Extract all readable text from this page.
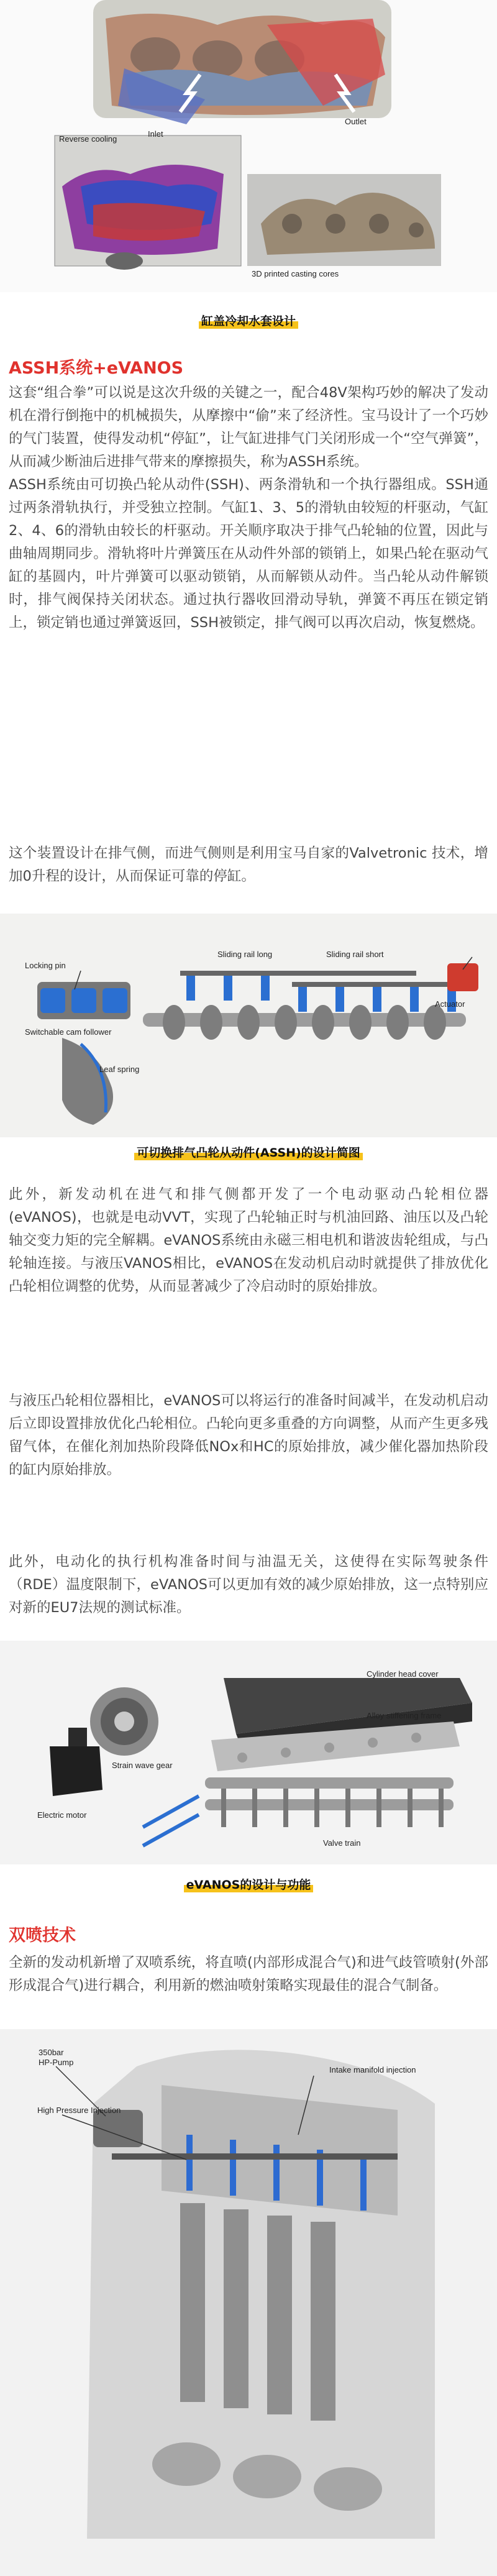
Reverse cooling
Inlet
Outlet
3D printed casting cores
缸盖冷却水套设计
ASSH系统+eVANOS

这套“组合拳”可以说是这次升级的关键之一，配合48V架构巧妙的解决了发动机在滑行倒拖中的机械损失，从摩擦中“偷”来了经济性。宝马设计了一个巧妙的气门装置，使得发动机“停缸”，让气缸进排气门关闭形成一个“空气弹簧”，从而减少断油后进排气带来的摩擦损失，称为ASSH系统。

ASSH系统由可切换凸轮从动件(SSH)、两条滑轨和一个执行器组成。SSH通过两条滑轨执行，并受独立控制。气缸1、3、5的滑轨由较短的杆驱动，气缸2、4、6的滑轨由较长的杆驱动。开关顺序取决于排气凸轮轴的位置，因此与曲轴周期同步。滑轨将叶片弹簧压在从动件外部的锁销上，如果凸轮在驱动气缸的基圆内，叶片弹簧可以驱动锁销，从而解锁从动件。当凸轮从动件解锁时，排气阀保持关闭状态。通过执行器收回滑动导轨，弹簧不再压在锁定销上，锁定销也通过弹簧返回，SSH被锁定，排气阀可以再次启动，恢复燃烧。

这个装置设计在排气侧，而进气侧则是利用宝马自家的Valvetronic 技术，增加0升程的设计，从而保证可靠的停缸。

Locking pin
Switchable cam follower
Leaf spring
Sliding rail long	Sliding rail short
Actuator
可切换排气凸轮从动件(ASSH)的设计简图

此外，新发动机在进气和排气侧都开发了一个电动驱动凸轮相位器(eVANOS)，也就是电动VVT，实现了凸轮轴正时与机油回路、油压以及凸轮轴交变力矩的完全解耦。eVANOS系统由永磁三相电机和谐波齿轮组成，与凸轮轴连接。与液压VANOS相比，eVANOS在发动机启动时就提供了排放优化凸轮相位调整的优势，从而显著减少了冷启动时的原始排放。

与液压凸轮相位器相比，eVANOS可以将运行的准备时间减半，在发动机启动后立即设置排放优化凸轮相位。凸轮向更多重叠的方向调整，从而产生更多残留气体，在催化剂加热阶段降低NOx和HC的原始排放，减少催化器加热阶段的缸内原始排放。

此外，电动化的执行机构准备时间与油温无关，这使得在实际驾驶条件（RDE）温度限制下，eVANOS可以更加有效的减少原始排放，这一点特别应对新的EU7法规的测试标准。

Cylinder head cover
Alloy stiffening frame
Strain wave gear
Electric motor
Valve train
eVANOS的设计与功能
双喷技术

全新的发动机新增了双喷系统，将直喷(内部形成混合气)和进气歧管喷射(外部形成混合气)进行耦合，利用新的燃油喷射策略实现最佳的混合气制备。

350bar
HP-Pump
Intake manifold injection
High Pressure Injection
